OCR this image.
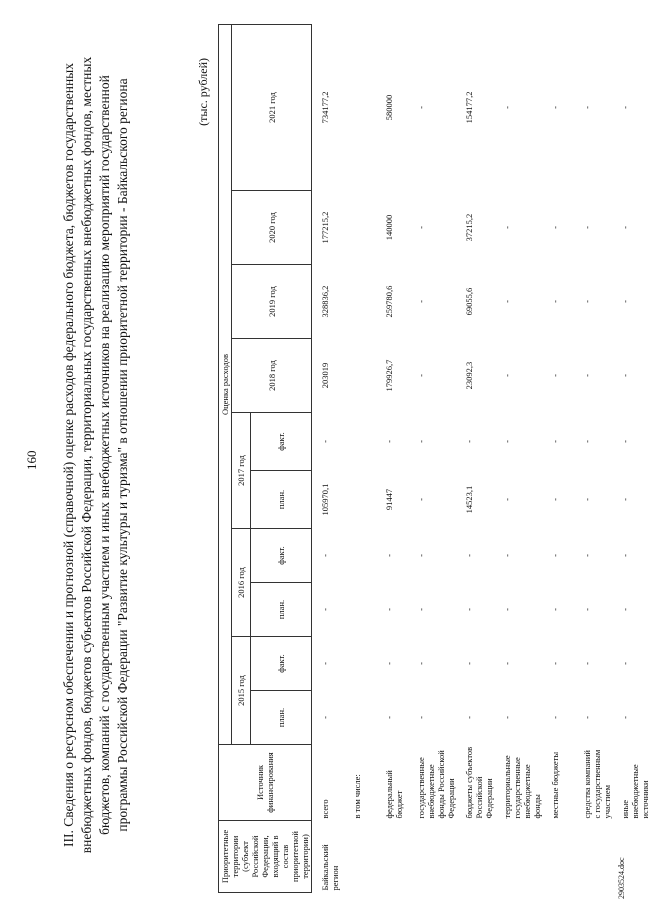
160 III. Сведения о ресурсном обеспечении и прогнозной (справочной) оценке расходов федерального бюджета, бюджетов государственных внебюджетных фондов, бюджетов субъектов Российской Федерации, территориальных государственных внебюджетных фондов, местных бюджетов, компаний с государственным участием и иных внебюджетных источников на реализацию мероприятий государственной программы Российской Федерации "Развитие культуры и туризма" в отношении приоритетной территории - Байкальского региона	(тыс. рублей)
Приоритетные территории (субъект Российской Федерации, входящий в состав приоритетной территории)	Источник финансирования	Оценка расходов									
		2015 год		2016 год		2017 год		2018 год	2019 год	2020 год	2021 год
		план.	факт.	план.	факт.	план.	факт.				
Байкальский регион	всего	-	-	-	-	105970,1	-	203019	328836,2	177215,2	734177,2
	в том числе:										
	федеральный бюджет	-	-	-	-	91447	-	179926,7	259780,6	140000	580000
	государственные внебюджетные фонды Российской Федерации	-	-	-	-	-	-	-	-	-	-
	бюджеты субъектов Российской Федерации	-	-	-	-	14523,1	-	23092,3	69055,6	37215,2	154177,2
	территориальные государственные внебюджетные фонды	-	-	-	-	-	-	-	-	-	-
	местные бюджеты	-	-	-	-	-	-	-	-	-	-
	средства компаний с государственным участием	-	-	-	-	-	-	-	-	-	-
	иные внебюджетные источники	-	-	-	-	-	-	-	-	-	-
2903524.doc
